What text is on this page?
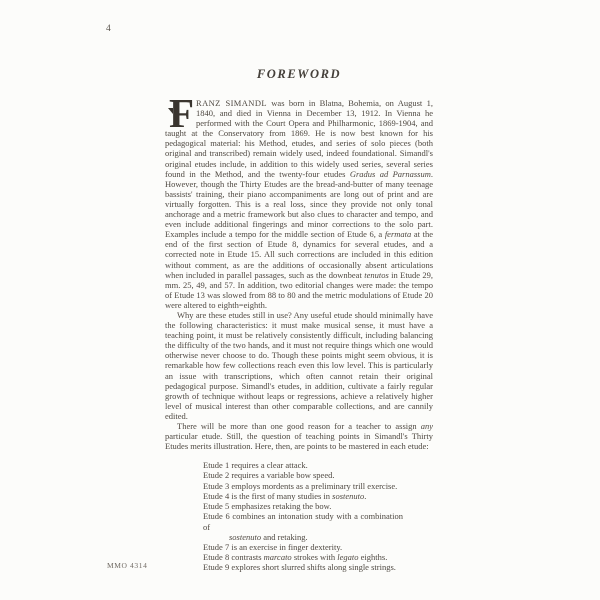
4
FOREWORD

FRANZ SIMANDL was born in Blatna, Bohemia, on August 1, 1840, and died in Vienna in December 13, 1912. In Vienna he performed with the Court Opera and Philharmonic, 1869-1904, and taught at the Conservatory from 1869. He is now best known for his pedagogical material: his Method, etudes, and series of solo pieces (both original and transcribed) remain widely used, indeed foundational. Simandl's original etudes include, in addition to this widely used series, several series found in the Method, and the twenty-four etudes Gradus ad Parnassum. However, though the Thirty Etudes are the bread-and-butter of many teenage bassists' training, their piano accompaniments are long out of print and are virtually forgotten. This is a real loss, since they provide not only tonal anchorage and a metric framework but also clues to character and tempo, and even include additional fingerings and minor corrections to the solo part. Examples include a tempo for the middle section of Etude 6, a fermata at the end of the first section of Etude 8, dynamics for several etudes, and a corrected note in Etude 15. All such corrections are included in this edition without comment, as are the additions of occasionally absent articulations when included in parallel passages, such as the downbeat tenutos in Etude 29, mm. 25, 49, and 57. In addition, two editorial changes were made: the tempo of Etude 13 was slowed from 88 to 80 and the metric modulations of Etude 20 were altered to eighth=eighth.

Why are these etudes still in use? Any useful etude should minimally have the following characteristics: it must make musical sense, it must have a teaching point, it must be relatively consistently difficult, including balancing the difficulty of the two hands, and it must not require things which one would otherwise never choose to do. Though these points might seem obvious, it is remarkable how few collections reach even this low level. This is particularly an issue with transcriptions, which often cannot retain their original pedagogical purpose. Simandl's etudes, in addition, cultivate a fairly regular growth of technique without leaps or regressions, achieve a relatively higher level of musical interest than other comparable collections, and are cannily edited.

There will be more than one good reason for a teacher to assign any particular etude. Still, the question of teaching points in Simandl's Thirty Etudes merits illustration. Here, then, are points to be mastered in each etude:

Etude 1 requires a clear attack.
Etude 2 requires a variable bow speed.
Etude 3 employs mordents as a preliminary trill exercise.
Etude 4 is the first of many studies in sostenuto.
Etude 5 emphasizes retaking the bow.
Etude 6 combines an intonation study with a combination of
sostenuto and retaking.
Etude 7 is an exercise in finger dexterity.
Etude 8 contrasts marcato strokes with legato eighths.
Etude 9 explores short slurred shifts along single strings.
MMO 4314
